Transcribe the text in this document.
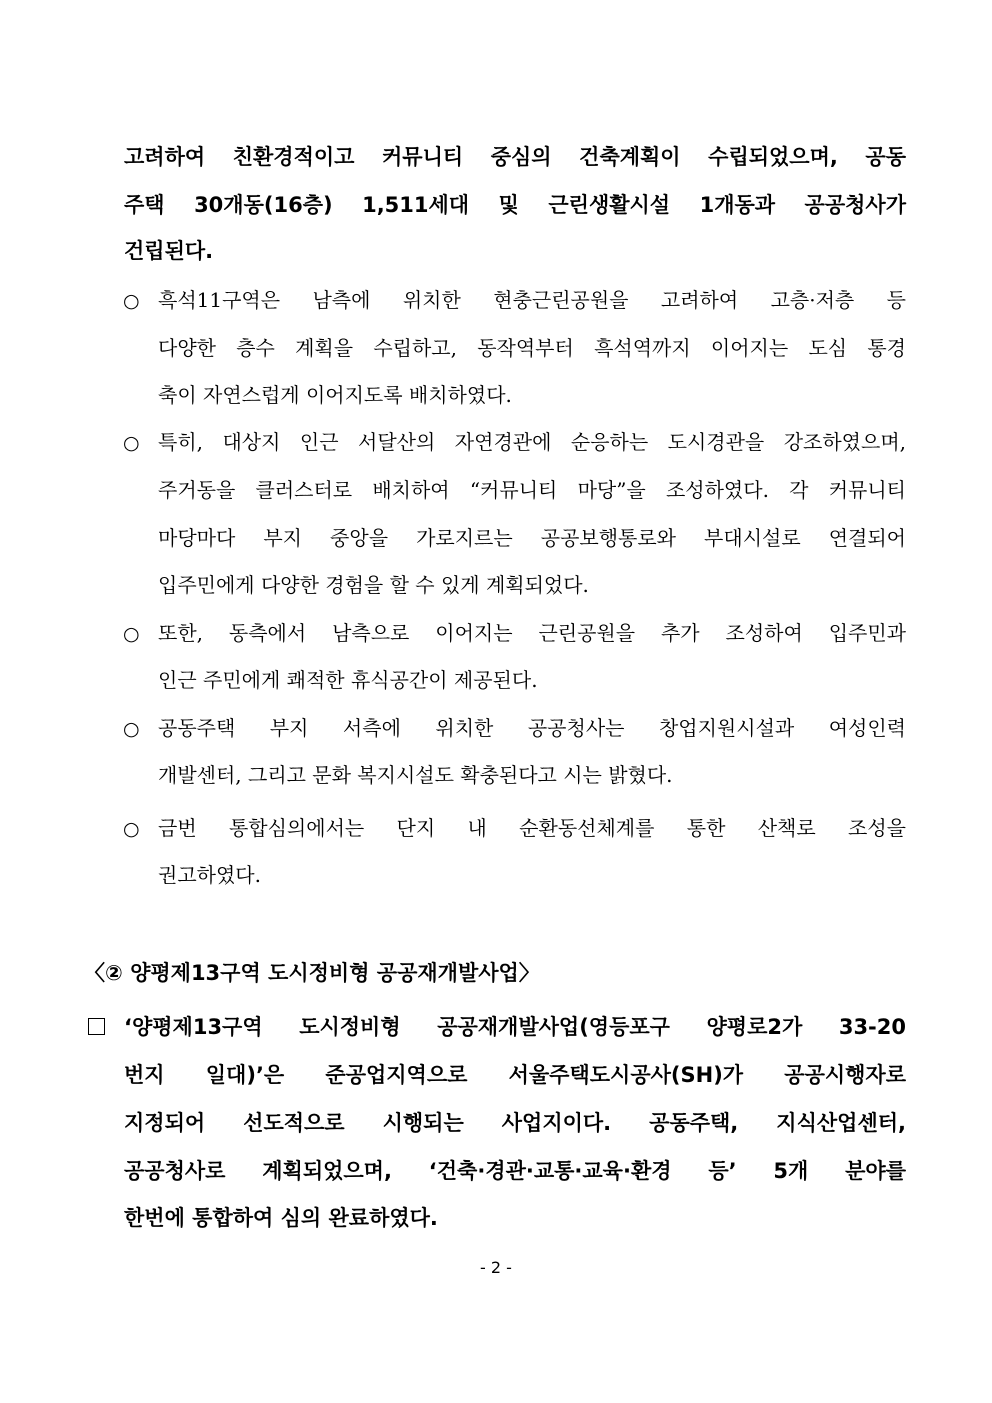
고려하여 친환경적이고 커뮤니티 중심의 건축계획이 수립되었으며, 공동
주택 30개동(16층) 1,511세대 및 근린생활시설 1개동과 공공청사가
건립된다.
○ 흑석11구역은 남측에 위치한 현충근린공원을 고려하여 고층·저층 등
다양한 층수 계획을 수립하고, 동작역부터 흑석역까지 이어지는 도심 통경
축이 자연스럽게 이어지도록 배치하였다.
○ 특히, 대상지 인근 서달산의 자연경관에 순응하는 도시경관을 강조하였으며,
주거동을 클러스터로 배치하여 “커뮤니티 마당”을 조성하였다. 각 커뮤니티
마당마다 부지 중앙을 가로지르는 공공보행통로와 부대시설로 연결되어
입주민에게 다양한 경험을 할 수 있게 계획되었다.
○ 또한, 동측에서 남측으로 이어지는 근린공원을 추가 조성하여 입주민과
인근 주민에게 쾌적한 휴식공간이 제공된다.
○ 공동주택 부지 서측에 위치한 공공청사는 창업지원시설과 여성인력
개발센터, 그리고 문화 복지시설도 확충된다고 시는 밝혔다.
○ 금번 통합심의에서는 단지 내 순환동선체계를 통한 산책로 조성을
권고하였다.
〈② 양평제13구역 도시정비형 공공재개발사업〉
‘양평제13구역 도시정비형 공공재개발사업(영등포구 양평로2가 33-20
번지 일대)’은 준공업지역으로 서울주택도시공사(SH)가 공공시행자로
지정되어 선도적으로 시행되는 사업지이다. 공동주택, 지식산업센터,
공공청사로 계획되었으며, ‘건축·경관·교통·교육·환경 등’ 5개 분야를
한번에 통합하여 심의 완료하였다.
- 2 -
